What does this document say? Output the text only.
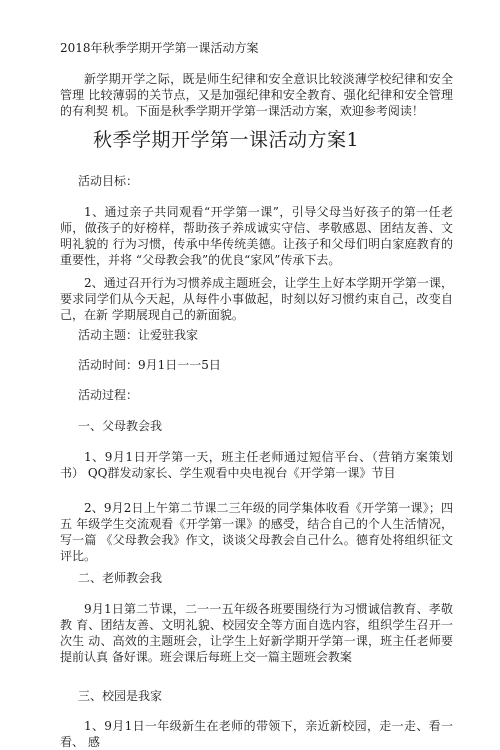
2018年秋季学期开学第一课活动方案
新学期开学之际，既是师生纪律和安全意识比较淡薄学校纪律和安全管理 比较薄弱的关节点，又是加强纪律和安全教育、强化纪律和安全管理的有利契 机。下面是秋季学期开学第一课活动方案，欢迎参考阅读！
秋季学期开学第一课活动方案1
活动目标：
1、通过亲子共同观看“开学第一课”，引导父母当好孩子的第一任老师，做孩子的好榜样，帮助孩子养成诚实守信、孝敬感恩、团结友善、文明礼貌的 行为习惯，传承中华传统美德。让孩子和父母们明白家庭教育的重要性，并将 “父母教会我”的优良“家风”传承下去。
2、通过召开行为习惯养成主题班会，让学生上好本学期开学第一课，要求同学们从今天起，从每件小事做起，时刻以好习惯约束自己，改变自己，在新 学期展现自己的新面貌。
活动主题：让爱驻我家
活动时间：9月1日一一5日
活动过程：
一、父母教会我
1、9月1日开学第一天，班主任老师通过短信平台、（营销方案策划书） QQ群发动家长、学生观看中央电视台《开学第一课》节目
2、9月2日上午第二节课二三年级的同学集体收看《开学第一课》；四五 年级学生交流观看《开学第一课》的感受，结合自己的个人生活情况，写一篇 《父母教会我》作文，谈谈父母教会自己什么。德育处将组织征文评比。
二、老师教会我
9月1日第二节课，二一一五年级各班要围绕行为习惯诚信教育、孝敬教 育、团结友善、文明礼貌、校园安全等方面自选内容，组织学生召开一次生 动、高效的主题班会，让学生上好新学期开学第一课，班主任老师要提前认真 备好课。班会课后每班上交一篇主题班会教案
三、校园是我家
1、9月1日一年级新生在老师的带领下，亲近新校园，走一走、看一看、 感
